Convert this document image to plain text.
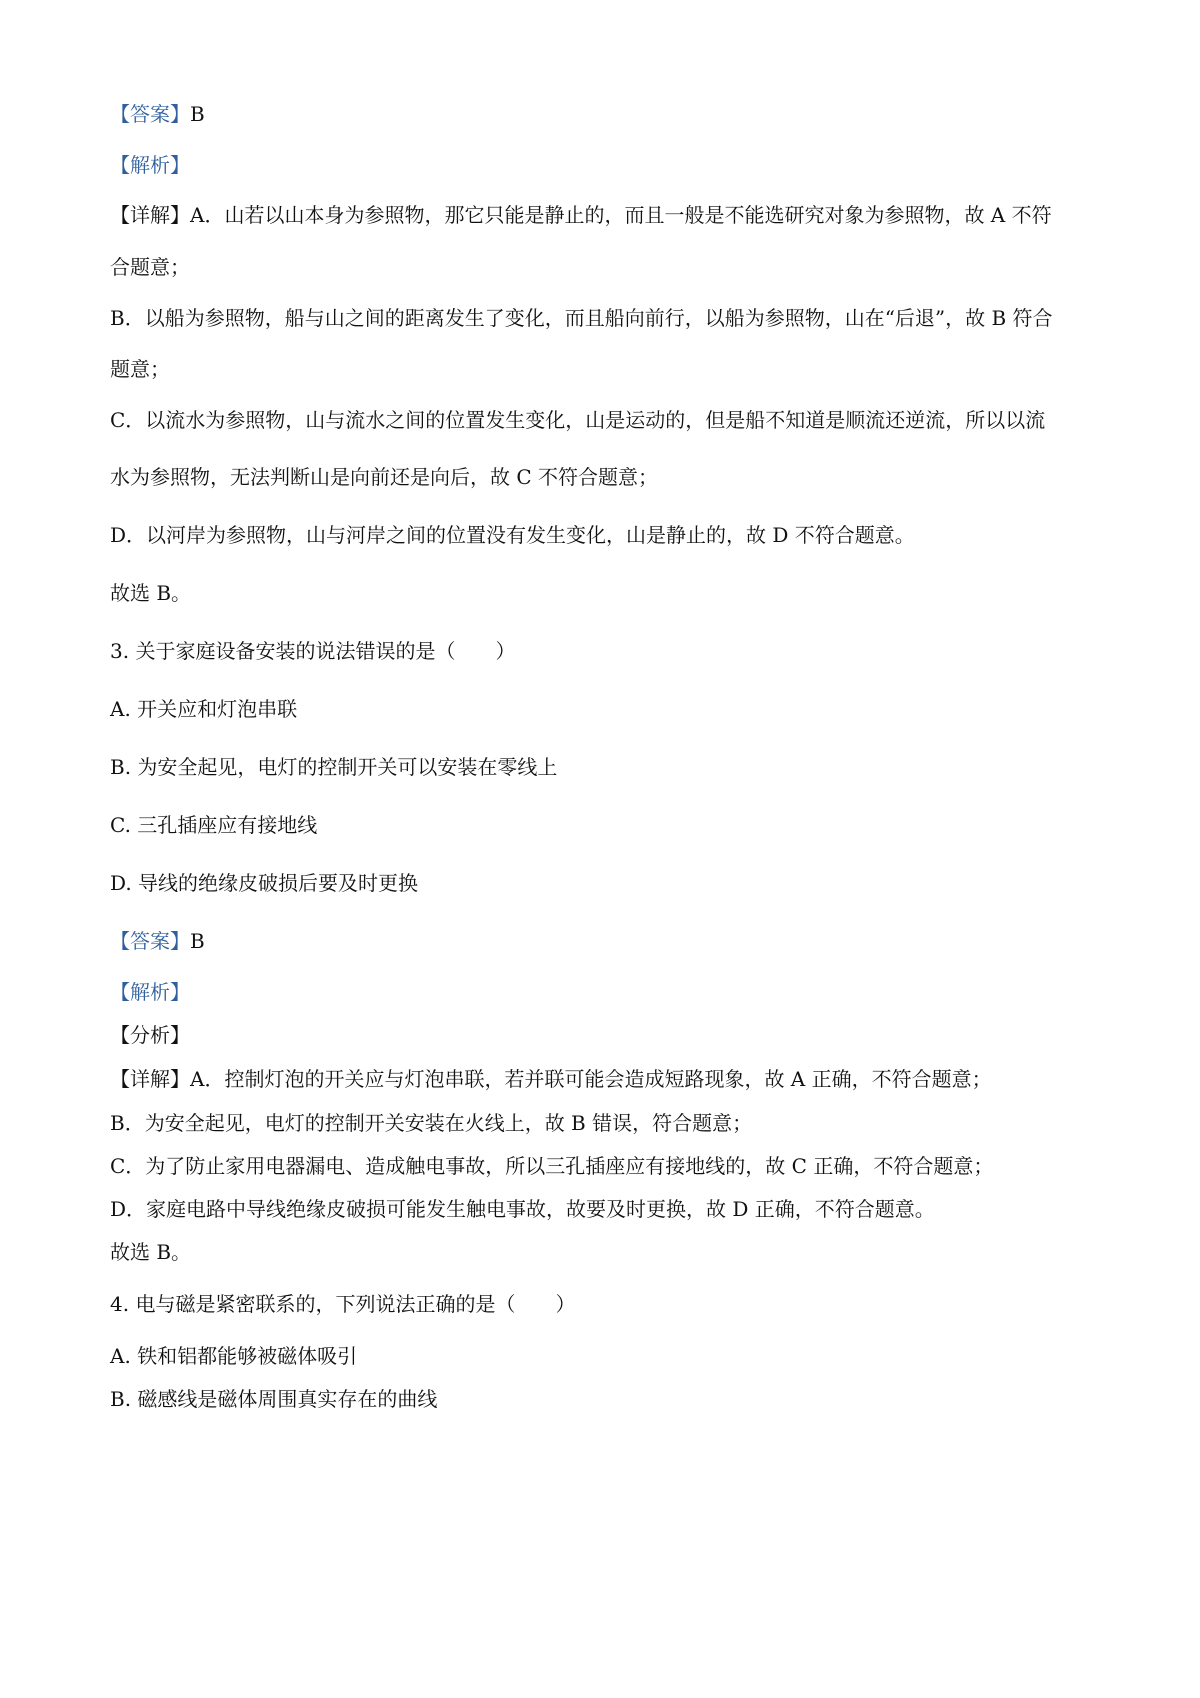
【答案】B
【解析】
【详解】A．山若以山本身为参照物，那它只能是静止的，而且一般是不能选研究对象为参照物，故 A 不符
合题意；
B．以船为参照物，船与山之间的距离发生了变化，而且船向前行，以船为参照物，山在“后退”，故 B 符合
题意；
C．以流水为参照物，山与流水之间的位置发生变化，山是运动的，但是船不知道是顺流还逆流，所以以流
水为参照物，无法判断山是向前还是向后，故 C 不符合题意；
D．以河岸为参照物，山与河岸之间的位置没有发生变化，山是静止的，故 D 不符合题意。
故选 B。
3. 关于家庭设备安装的说法错误的是（　　）
A. 开关应和灯泡串联
B. 为安全起见，电灯的控制开关可以安装在零线上
C. 三孔插座应有接地线
D. 导线的绝缘皮破损后要及时更换
【答案】B
【解析】
【分析】
【详解】A．控制灯泡的开关应与灯泡串联，若并联可能会造成短路现象，故 A 正确，不符合题意；
B．为安全起见，电灯的控制开关安装在火线上，故 B 错误，符合题意；
C．为了防止家用电器漏电、造成触电事故，所以三孔插座应有接地线的，故 C 正确，不符合题意；
D．家庭电路中导线绝缘皮破损可能发生触电事故，故要及时更换，故 D 正确，不符合题意。
故选 B。
4. 电与磁是紧密联系的，下列说法正确的是（　　）
A. 铁和铝都能够被磁体吸引
B. 磁感线是磁体周围真实存在的曲线
